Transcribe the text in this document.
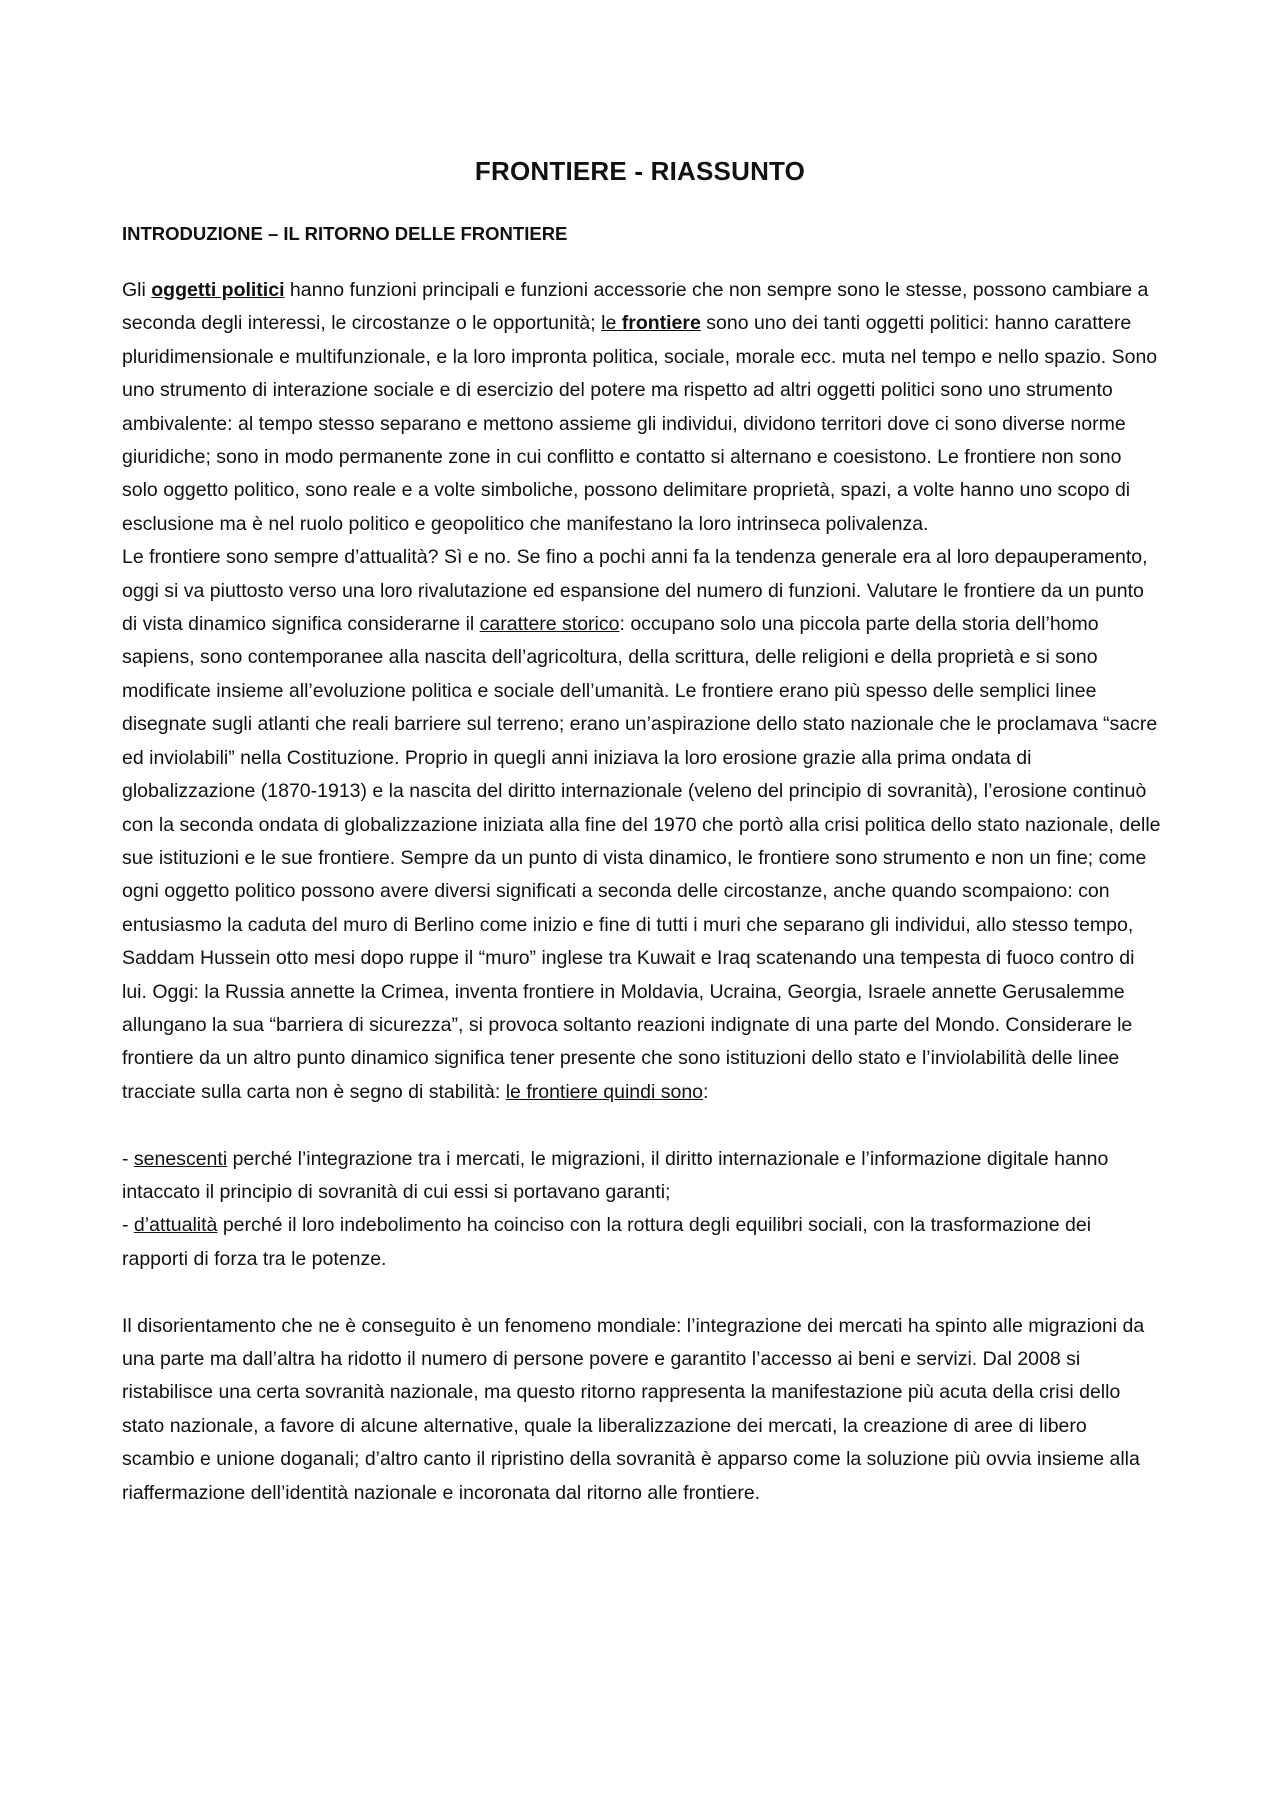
FRONTIERE - RIASSUNTO
INTRODUZIONE – IL RITORNO DELLE FRONTIERE

Gli oggetti politici hanno funzioni principali e funzioni accessorie che non sempre sono le stesse, possono cambiare a seconda degli interessi, le circostanze o le opportunità; le frontiere sono uno dei tanti oggetti politici: hanno carattere pluridimensionale e multifunzionale, e la loro impronta politica, sociale, morale ecc. muta nel tempo e nello spazio. Sono uno strumento di interazione sociale e di esercizio del potere ma rispetto ad altri oggetti politici sono uno strumento ambivalente: al tempo stesso separano e mettono assieme gli individui, dividono territori dove ci sono diverse norme giuridiche; sono in modo permanente zone in cui conflitto e contatto si alternano e coesistono. Le frontiere non sono solo oggetto politico, sono reale e a volte simboliche, possono delimitare proprietà, spazi, a volte hanno uno scopo di esclusione ma è nel ruolo politico e geopolitico che manifestano la loro intrinseca polivalenza.

Le frontiere sono sempre d’attualità? Sì e no. Se fino a pochi anni fa la tendenza generale era al loro depauperamento, oggi si va piuttosto verso una loro rivalutazione ed espansione del numero di funzioni. Valutare le frontiere da un punto di vista dinamico significa considerarne il carattere storico: occupano solo una piccola parte della storia dell’homo sapiens, sono contemporanee alla nascita dell’agricoltura, della scrittura, delle religioni e della proprietà e si sono modificate insieme all’evoluzione politica e sociale dell’umanità. Le frontiere erano più spesso delle semplici linee disegnate sugli atlanti che reali barriere sul terreno; erano un’aspirazione dello stato nazionale che le proclamava “sacre ed inviolabili” nella Costituzione. Proprio in quegli anni iniziava la loro erosione grazie alla prima ondata di globalizzazione (1870-1913) e la nascita del diritto internazionale (veleno del principio di sovranità), l’erosione continuò con la seconda ondata di globalizzazione iniziata alla fine del 1970 che portò alla crisi politica dello stato nazionale, delle sue istituzioni e le sue frontiere. Sempre da un punto di vista dinamico, le frontiere sono strumento e non un fine; come ogni oggetto politico possono avere diversi significati a seconda delle circostanze, anche quando scompaiono: con entusiasmo la caduta del muro di Berlino come inizio e fine di tutti i muri che separano gli individui, allo stesso tempo, Saddam Hussein otto mesi dopo ruppe il “muro” inglese tra Kuwait e Iraq scatenando una tempesta di fuoco contro di lui. Oggi: la Russia annette la Crimea, inventa frontiere in Moldavia, Ucraina, Georgia, Israele annette Gerusalemme allungano la sua “barriera di sicurezza”, si provoca soltanto reazioni indignate di una parte del Mondo. Considerare le frontiere da un altro punto dinamico significa tener presente che sono istituzioni dello stato e l’inviolabilità delle linee tracciate sulla carta non è segno di stabilità: le frontiere quindi sono:

- senescenti perché l’integrazione tra i mercati, le migrazioni, il diritto internazionale e l’informazione digitale hanno intaccato il principio di sovranità di cui essi si portavano garanti;

- d’attualità perché il loro indebolimento ha coinciso con la rottura degli equilibri sociali, con la trasformazione dei rapporti di forza tra le potenze.

Il disorientamento che ne è conseguito è un fenomeno mondiale: l’integrazione dei mercati ha spinto alle migrazioni da una parte ma dall’altra ha ridotto il numero di persone povere e garantito l’accesso ai beni e servizi. Dal 2008 si ristabilisce una certa sovranità nazionale, ma questo ritorno rappresenta la manifestazione più acuta della crisi dello stato nazionale, a favore di alcune alternative, quale la liberalizzazione dei mercati, la creazione di aree di libero scambio e unione doganali; d’altro canto il ripristino della sovranità è apparso come la soluzione più ovvia insieme alla riaffermazione dell’identità nazionale e incoronata dal ritorno alle frontiere.
